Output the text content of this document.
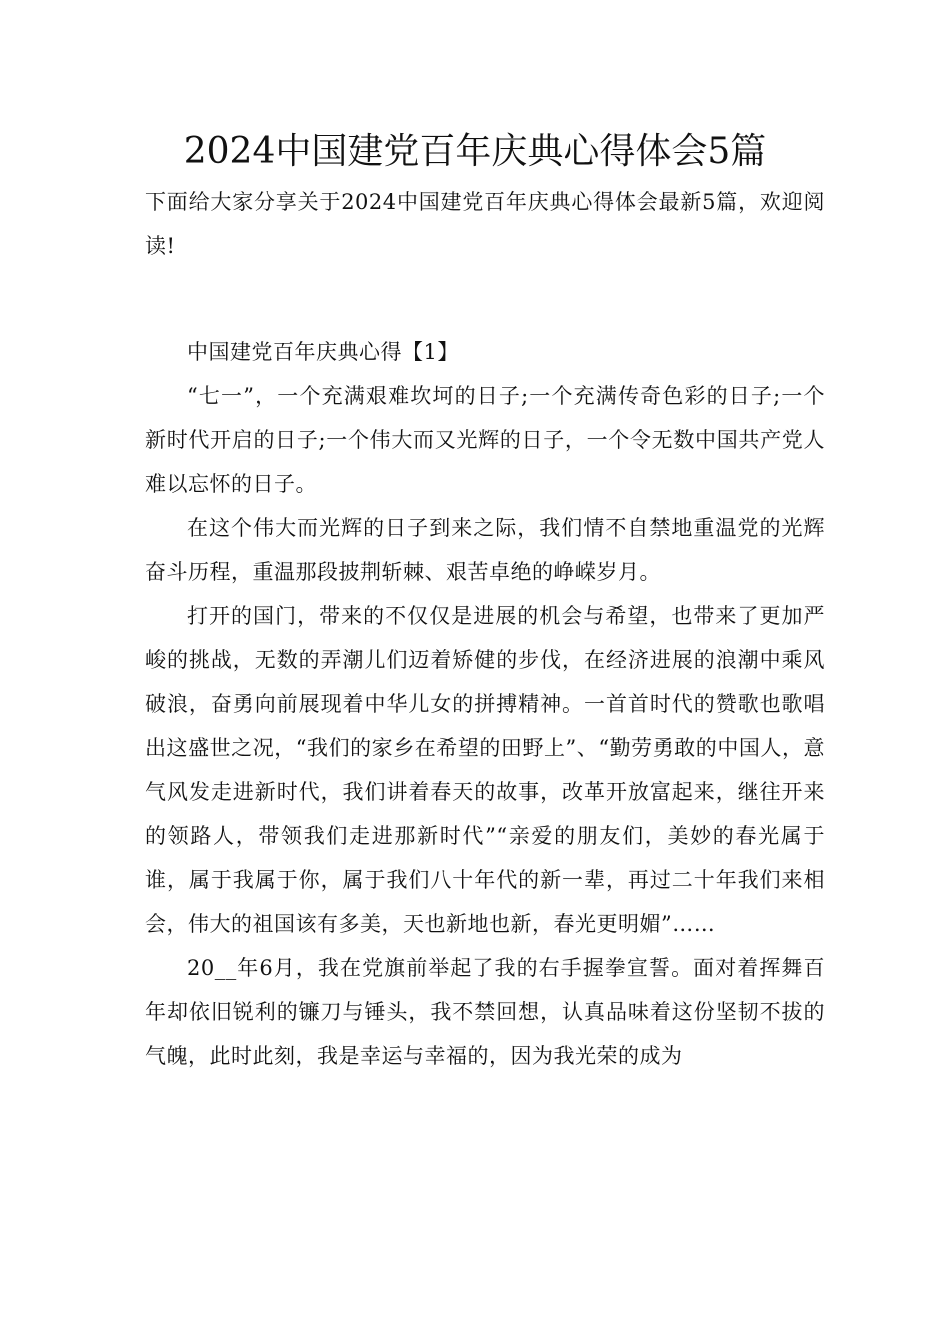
2024中国建党百年庆典心得体会5篇

下面给大家分享关于2024中国建党百年庆典心得体会最新5篇，欢迎阅读!

中国建党百年庆典心得【1】

“七一”，一个充满艰难坎坷的日子;一个充满传奇色彩的日子;一个新时代开启的日子;一个伟大而又光辉的日子，一个令无数中国共产党人难以忘怀的日子。

在这个伟大而光辉的日子到来之际，我们情不自禁地重温党的光辉奋斗历程，重温那段披荆斩棘、艰苦卓绝的峥嵘岁月。

打开的国门，带来的不仅仅是进展的机会与希望，也带来了更加严峻的挑战，无数的弄潮儿们迈着矫健的步伐，在经济进展的浪潮中乘风破浪，奋勇向前展现着中华儿女的拼搏精神。一首首时代的赞歌也歌唱出这盛世之况，“我们的家乡在希望的田野上”、“勤劳勇敢的中国人，意气风发走进新时代，我们讲着春天的故事，改革开放富起来，继往开来的领路人，带领我们走进那新时代”“亲爱的朋友们，美妙的春光属于谁，属于我属于你，属于我们八十年代的新一辈，再过二十年我们来相会，伟大的祖国该有多美，天也新地也新，春光更明媚”……

20__年6月，我在党旗前举起了我的右手握拳宣誓。面对着挥舞百年却依旧锐利的镰刀与锤头，我不禁回想，认真品味着这份坚韧不拔的气魄，此时此刻，我是幸运与幸福的，因为我光荣的成为
